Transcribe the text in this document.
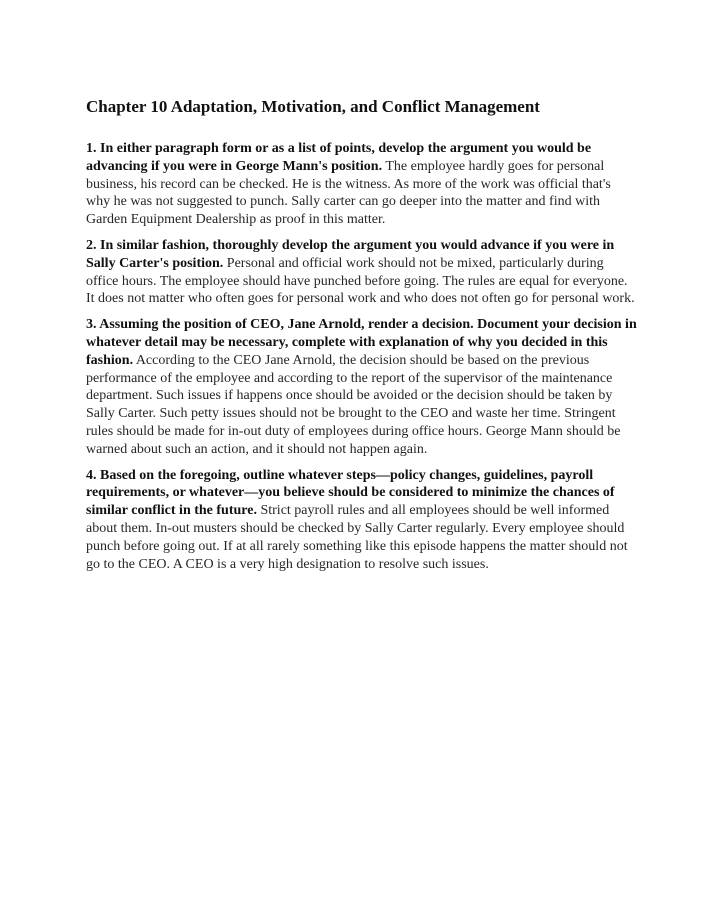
Chapter 10 Adaptation, Motivation, and Conflict Management

1. In either paragraph form or as a list of points, develop the argument you would be advancing if you were in George Mann's position. The employee hardly goes for personal business, his record can be checked. He is the witness. As more of the work was official that's why he was not suggested to punch. Sally carter can go deeper into the matter and find with Garden Equipment Dealership as proof in this matter.

2. In similar fashion, thoroughly develop the argument you would advance if you were in Sally Carter's position. Personal and official work should not be mixed, particularly during office hours. The employee should have punched before going. The rules are equal for everyone. It does not matter who often goes for personal work and who does not often go for personal work.

3. Assuming the position of CEO, Jane Arnold, render a decision. Document your decision in whatever detail may be necessary, complete with explanation of why you decided in this fashion. According to the CEO Jane Arnold, the decision should be based on the previous performance of the employee and according to the report of the supervisor of the maintenance department. Such issues if happens once should be avoided or the decision should be taken by Sally Carter. Such petty issues should not be brought to the CEO and waste her time. Stringent rules should be made for in-out duty of employees during office hours. George Mann should be warned about such an action, and it should not happen again.

4. Based on the foregoing, outline whatever steps—policy changes, guidelines, payroll requirements, or whatever—you believe should be considered to minimize the chances of similar conflict in the future. Strict payroll rules and all employees should be well informed about them. In-out musters should be checked by Sally Carter regularly. Every employee should punch before going out. If at all rarely something like this episode happens the matter should not go to the CEO. A CEO is a very high designation to resolve such issues.
